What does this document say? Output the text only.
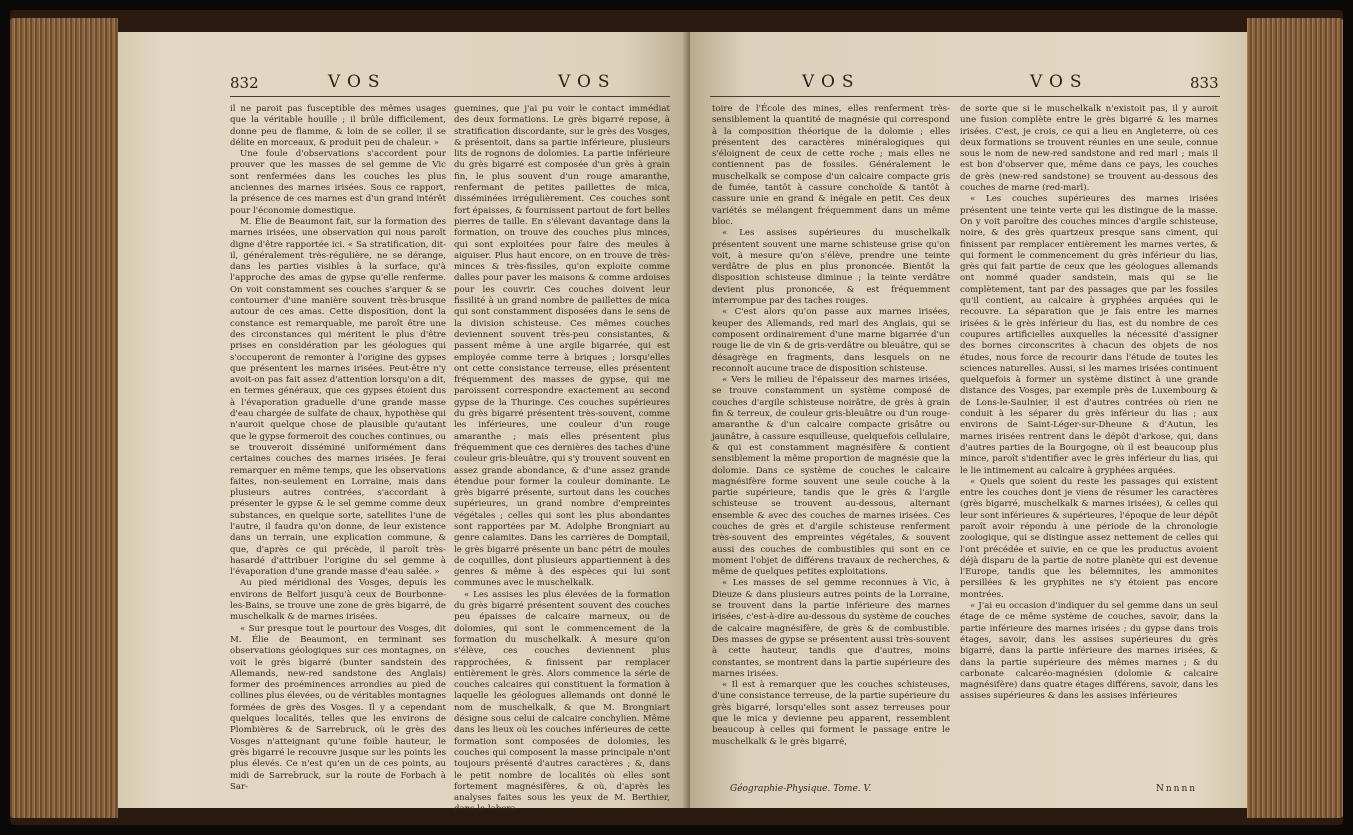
832	VOS	VOS

il ne paroit pas fusceptible des mêmes usages que la véritable houille ; il brûle difficilement, donne peu de flamme, & loin de se coller, il se délite en morceaux, & produit peu de chaleur. »

Une foule d'observations s'accordent pour prouver que les masses de sel gemme de Vic sont renfermées dans les couches les plus anciennes des marnes irisées. Sous ce rapport, la présence de ces marnes est d'un grand intérêt pour l'économie domestique.

M. Élie de Beaumont fait, sur la formation des marnes irisées, une observation qui nous paroît digne d'être rapportée ici. « Sa stratification, dit-il, généralement très-régulière, ne se dérange, dans les parties visibles à la surface, qu'à l'approche des amas de gypse qu'elle renferme. On voit constamment ses couches s'arquer & se contourner d'une manière souvent très-brusque autour de ces amas. Cette disposition, dont la constance est remarquable, me paroît être une des circonstances qui méritent le plus d'être prises en considération par les géologues qui s'occuperont de remonter à l'origine des gypses que présentent les marnes irisées. Peut-être n'y avoit-on pas fait assez d'attention lorsqu'on a dit, en termes généraux, que ces gypses étoient dus à l'évaporation graduelle d'une grande masse d'eau chargée de sulfate de chaux, hypothèse qui n'auroit quelque chose de plausible qu'autant que le gypse formeroit des couches continues, ou se trouveroit disséminé uniformément dans certaines couches des marnes irisées. Je ferai remarquer en même temps, que les observations faites, non-seulement en Lorraine, mais dans plusieurs autres contrées, s'accordant à présenter le gypse & le sel gemme comme deux substances, en quelque sorte, satellites l'une de l'autre, il faudra qu'on donne, de leur existence dans un terrain, une explication commune, & que, d'après ce qui précède, il paroît très-hasardé d'attribuer l'origine du sel gemme à l'évaporation d'une grande masse d'eau salée. »

Au pied méridional des Vosges, depuis les environs de Belfort jusqu'à ceux de Bourbonne-les-Bains, se trouve une zone de grès bigarré, de muschelkalk & de marnes irisées.

« Sur presque tout le pourtour des Vosges, dit M. Élie de Beaumont, en terminant ses observations géologiques sur ces montagnes, on voit le grès bigarré (bunter sandstein des Allemands, new-red sandstone des Anglais) former des proéminences arrondies au pied de collines plus élevées, ou de véritables montagnes formées de grès des Vosges. Il y a cependant quelques localités, telles que les environs de Plombières & de Sarrebruck, où le grès des Vosges n'atteignant qu'une foible hauteur, le grès bigarré le recouvre jusque sur les points les plus élevés. Ce n'est qu'en un de ces points, au midi de Sarrebruck, sur la route de Forbach à Sar-

guemines, que j'ai pu voir le contact immédiat des deux formations. Le grès bigarré repose, à stratification discordante, sur le grès des Vosges, & présentoit, dans sa partie inférieure, plusieurs lits de rognons de dolomies. La partie inférieure du grès bigarré est composée d'un grès à grain fin, le plus souvent d'un rouge amaranthe, renfermant de petites paillettes de mica, disséminées irrégulièrement. Ces couches sont fort épaisses, & fournissent partout de fort belles pierres de taille. En s'élevant davantage dans la formation, on trouve des couches plus minces, qui sont exploitées pour faire des meules à aiguiser. Plus haut encore, on en trouve de très-minces & très-fissiles, qu'on exploite comme dalles pour paver les maisons & comme ardoises pour les couvrir. Ces couches doivent leur fissilité à un grand nombre de paillettes de mica qui sont constamment disposées dans le sens de la division schisteuse. Ces mêmes couches deviennent souvent très-peu consistantes, & passent même à une argile bigarrée, qui est employée comme terre à briques ; lorsqu'elles ont cette consistance terreuse, elles présentent fréquemment des masses de gypse, qui me paroissent correspondre exactement au second gypse de la Thuringe. Ces couches supérieures du grès bigarré présentent très-souvent, comme les inférieures, une couleur d'un rouge amaranthe ; mais elles présentent plus fréquemment que ces dernières des taches d'une couleur gris-bleuâtre, qui s'y trouvent souvent en assez grande abondance, & d'une assez grande étendue pour former la couleur dominante. Le grès bigarré présente, surtout dans les couches supérieures, un grand nombre d'empreintes végétales ; celles qui sont les plus abondantes sont rapportées par M. Adolphe Brongniart au genre calamites. Dans les carrières de Domptail, le grès bigarré présente un banc pétri de moules de coquilles, dont plusieurs appartiennent à des genres & même à des espèces qui lui sont communes avec le muschelkalk.

« Les assises les plus élevées de la formation du grès bigarré présentent souvent des couches peu épaisses de calcaire marneux, ou de dolomies, qui sont le commencement de la formation du muschelkalk. À mesure qu'on s'élève, ces couches deviennent plus rapprochées, & finissent par remplacer entièrement le grès. Alors commence la série de couches calcaires qui constituent la formation à laquelle les géologues allemands ont donné le nom de muschelkalk, & que M. Brongniart désigne sous celui de calcaire conchylien. Même dans les lieux où les couches inférieures de cette formation sont composées de dolomies, les couches qui composent la masse principale n'ont toujours présenté d'autres caractères ; &, dans le petit nombre de localités où elles sont fortement magnésifères, & où, d'après les analyses faites sous les yeux de M. Berthier, dans le labora-

VOS	VOS	833

toire de l'École des mines, elles renferment très-sensiblement la quantité de magnésie qui correspond à la composition théorique de la dolomie ; elles présentent des caractères minéralogiques qui s'éloignent de ceux de cette roche ; mais elles ne contiennent pas de fossiles. Généralement le muschelkalk se compose d'un calcaire compacte gris de fumée, tantôt à cassure conchoïde & tantôt à cassure unie en grand & inégale en petit. Ces deux variétés se mélangent fréquemment dans un même bloc.

« Les assises supérieures du muschelkalk présentent souvent une marne schisteuse grise qu'on voit, à mesure qu'on s'élève, prendre une teinte verdâtre de plus en plus prononcée. Bientôt la disposition schisteuse diminue ; la teinte verdâtre devient plus prononcée, & est fréquemment interrompue par des taches rouges.

« C'est alors qu'on passe aux marnes irisées, keuper des Allemands, red marl des Anglais, qui se composent ordinairement d'une marne bigarrée d'un rouge lie de vin & de gris-verdâtre ou bleuâtre, qui se désagrège en fragments, dans lesquels on ne reconnoît aucune trace de disposition schisteuse.

« Vers le milieu de l'épaisseur des marnes irisées, se trouve constamment un système composé de couches d'argile schisteuse noirâtre, de grès à grain fin & terreux, de couleur gris-bleuâtre ou d'un rouge-amaranthe & d'un calcaire compacte grisâtre ou jaunâtre, à cassure esquilleuse, quelquefois cellulaire, & qui est constamment magnésifère & contient sensiblement la même proportion de magnésie que la dolomie. Dans ce système de couches le calcaire magnésifère forme souvent une seule couche à la partie supérieure, tandis que le grès & l'argile schisteuse se trouvent au-dessous, alternant ensemble & avec des couches de marnes irisées. Ces couches de grès et d'argile schisteuse renferment très-souvent des empreintes végétales, & souvent aussi des couches de combustibles qui sont en ce moment l'objet de différens travaux de recherches, & même de quelques petites exploitations.

« Les masses de sel gemme reconnues à Vic, à Dieuze & dans plusieurs autres points de la Lorraine, se trouvent dans la partie inférieure des marnes irisées, c'est-à-dire au-dessous du système de couches de calcaire magnésifère, de grès & de combustible. Des masses de gypse se présentent aussi très-souvent à cette hauteur, tandis que d'autres, moins constantes, se montrent dans la partie supérieure des marnes irisées.

« Il est à remarquer que les couches schisteuses, d'une consistance terreuse, de la partie supérieure du grès bigarré, lorsqu'elles sont assez terreuses pour que le mica y devienne peu apparent, ressemblent beaucoup à celles qui forment le passage entre le muschelkalk & le grès bigarré,

de sorte que si le muschelkalk n'existoit pas, il y auroit une fusion complète entre le grès bigarré & les marnes irisées. C'est, je crois, ce qui a lieu en Angleterre, où ces deux formations se trouvent réunies en une seule, connue sous le nom de new-red sandstone and red marl ; mais il est bon d'observer que, même dans ce pays, les couches de grès (new-red sandstone) se trouvent au-dessous des couches de marne (red-marl).

« Les couches supérieures des marnes irisées présentent une teinte verte qui les distingue de la masse. On y voit paroître des couches minces d'argile schisteuse, noire, & des grès quartzeux presque sans ciment, qui finissent par remplacer entièrement les marnes vertes, & qui forment le commencement du grès inférieur du lias, grès qui fait partie de ceux que les géologues allemands ont nommé quader sandstein, mais qui se lie complètement, tant par des passages que par les fossiles qu'il contient, au calcaire à gryphées arquées qui le recouvre. La séparation que je fais entre les marnes irisées & le grès inférieur du lias, est du nombre de ces coupures artificielles auxquelles la nécessité d'assigner des bornes circonscrites à chacun des objets de nos études, nous force de recourir dans l'étude de toutes les sciences naturelles. Aussi, si les marnes irisées continuent quelquefois à former un système distinct à une grande distance des Vosges, par exemple près de Luxembourg & de Lons-le-Saulnier, il est d'autres contrées où rien ne conduit à les séparer du grès inférieur du lias ; aux environs de Saint-Léger-sur-Dheune & d'Autun, les marnes irisées rentrent dans le dépôt d'arkose, qui, dans d'autres parties de la Bourgogne, où il est beaucoup plus mince, paroît s'identifier avec le grès inférieur du lias, qui le lie intimement au calcaire à gryphées arquées.

« Quels que soient du reste les passages qui existent entre les couches dont je viens de résumer les caractères (grès bigarré, muschelkalk & marnes irisées), & celles qui leur sont inférieures & supérieures, l'époque de leur dépôt paroît avoir répondu à une période de la chronologie zoologique, qui se distingue assez nettement de celles qui l'ont précédée et suivie, en ce que les productus avoient déjà disparu de la partie de notre planète qui est devenue l'Europe, tandis que les bélemnites, les ammonites persillées & les gryphites ne s'y étoient pas encore montrées.

« J'ai eu occasion d'indiquer du sel gemme dans un seul étage de ce même système de couches, savoir, dans la partie inférieure des marnes irisées ; du gypse dans trois étages, savoir, dans les assises supérieures du grès bigarré, dans la partie inférieure des marnes irisées, & dans la partie supérieure des mêmes marnes ; & du carbonate calcaréo-magnésien (dolomie & calcaire magnésifère) dans quatre étages différens, savoir, dans les assises supérieures & dans les assises inférieures

Géographie-Physique. Tome. V.	Nnnnn
